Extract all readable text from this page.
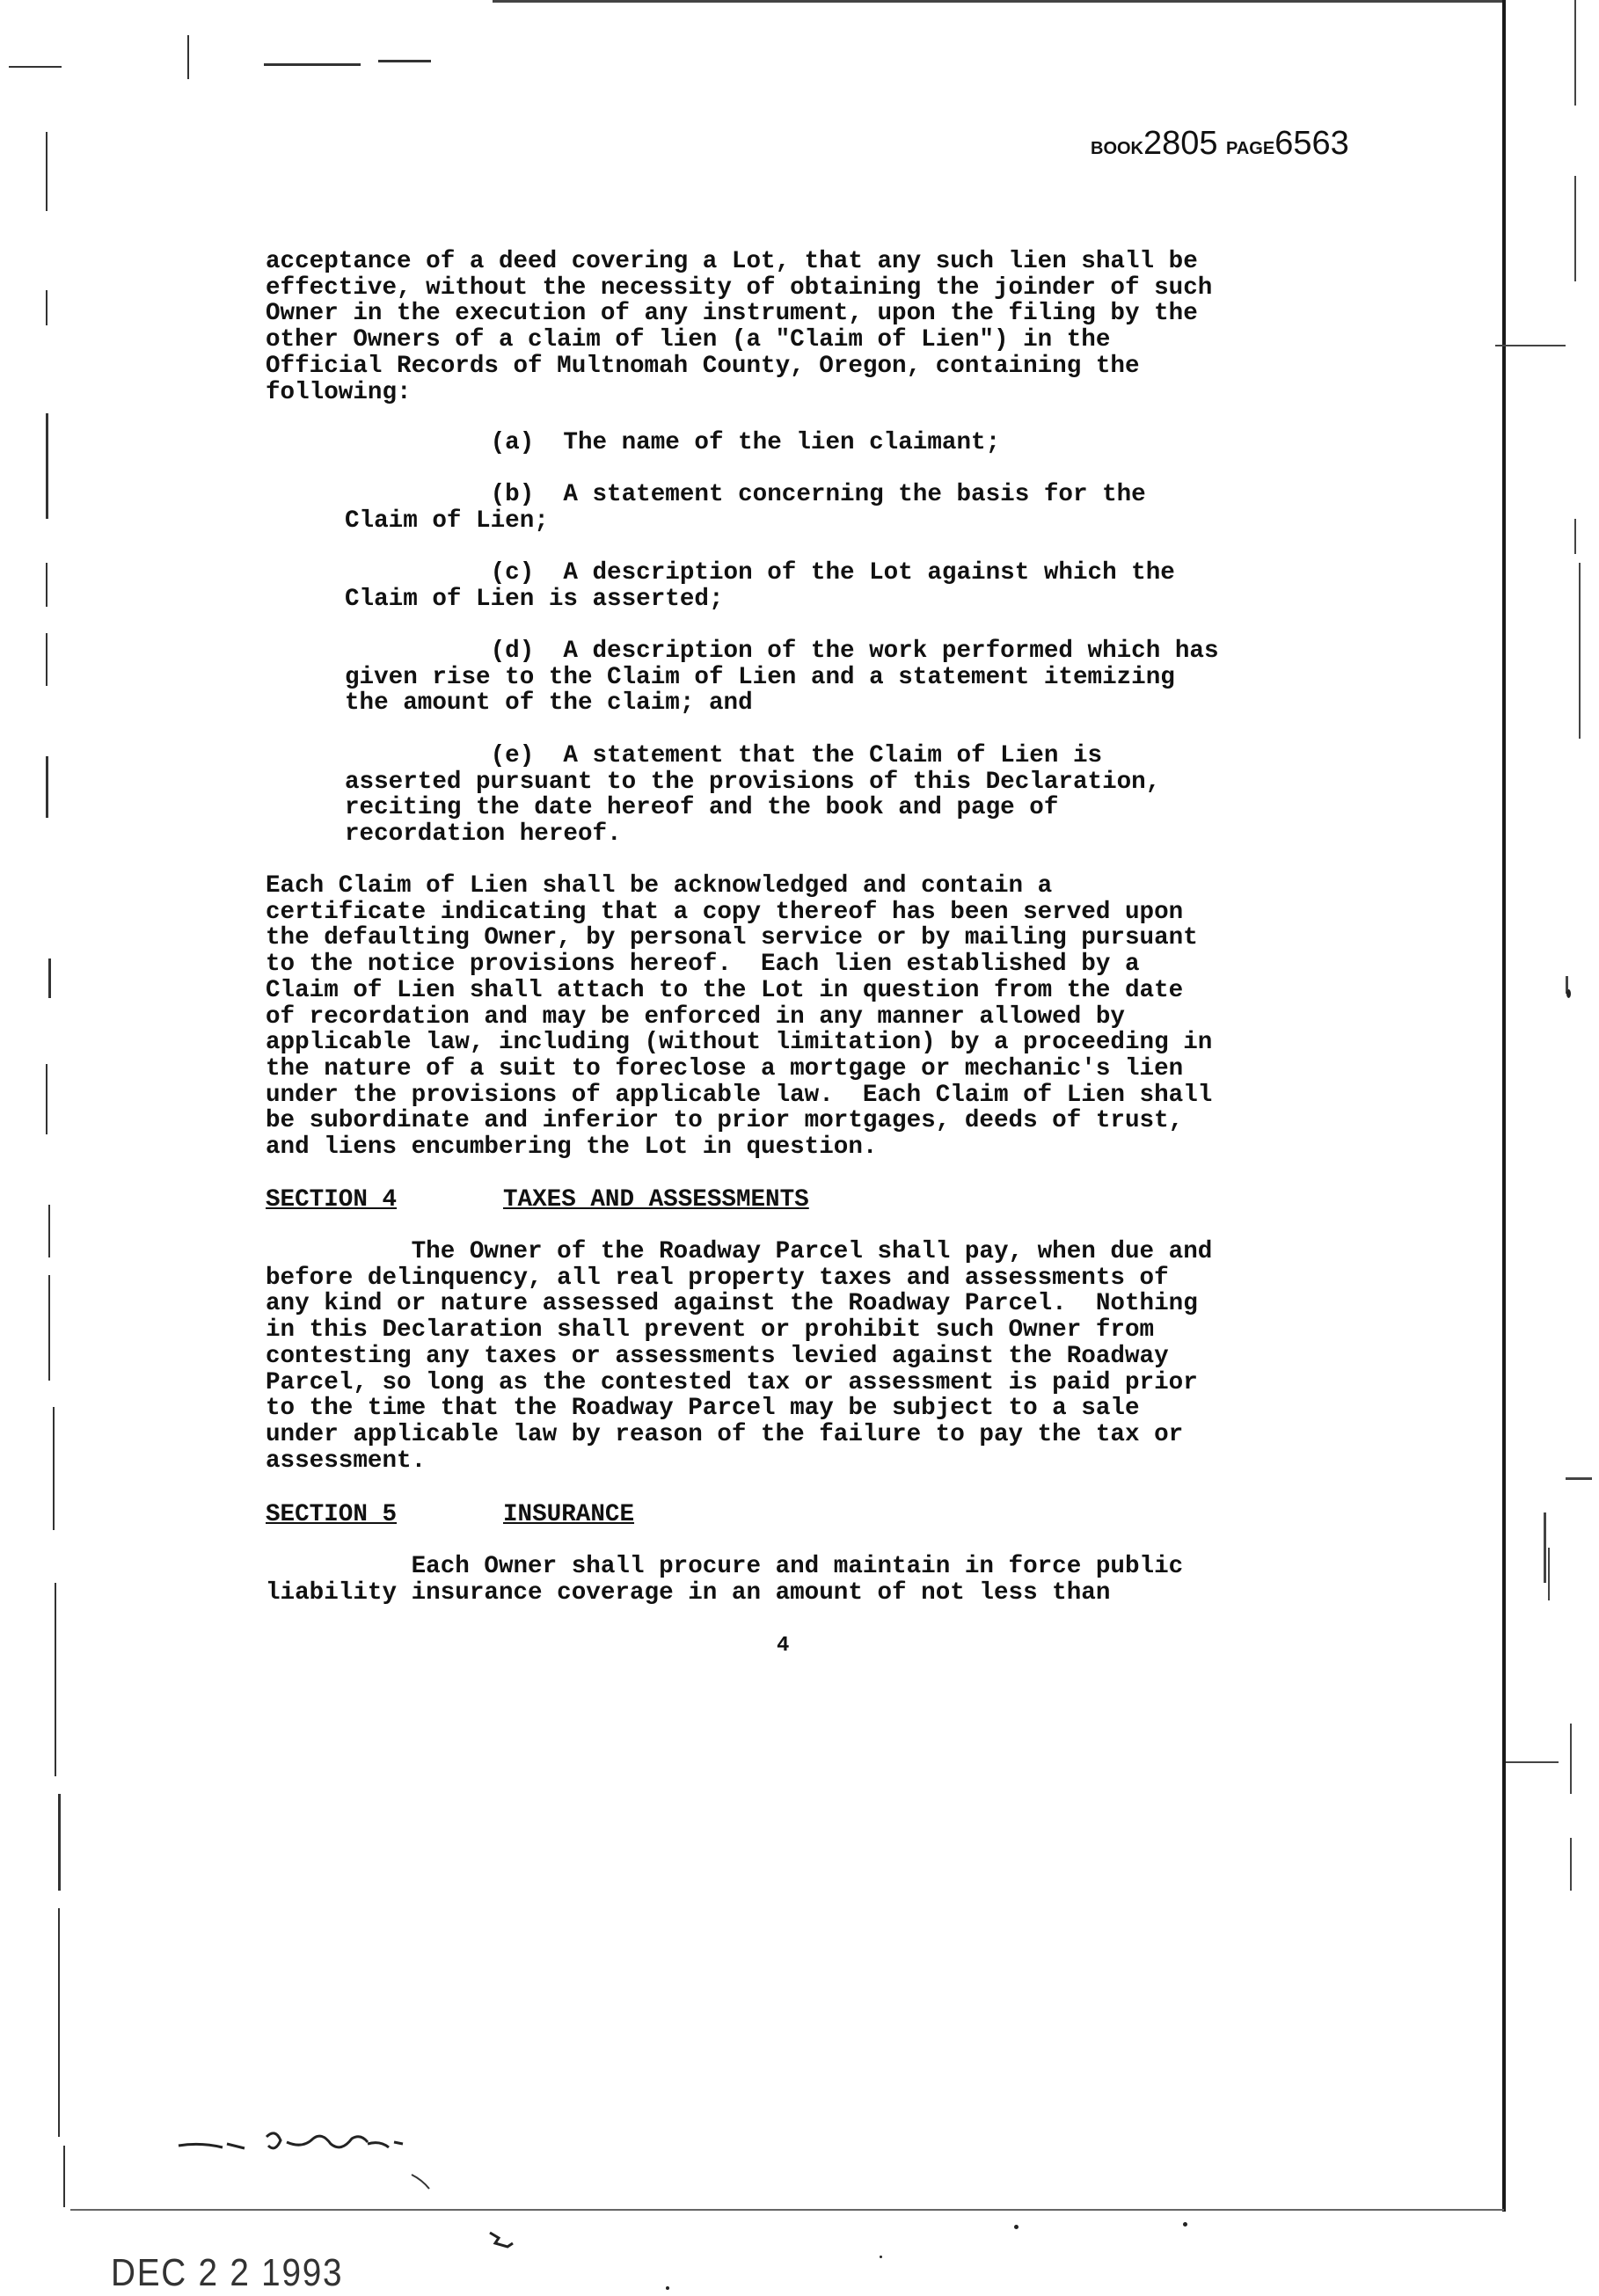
BOOK2805 PAGE6563
acceptance of a deed covering a Lot, that any such lien shall be
effective, without the necessity of obtaining the joinder of such
Owner in the execution of any instrument, upon the filing by the
other Owners of a claim of lien (a "Claim of Lien") in the
Official Records of Multnomah County, Oregon, containing the
following:
(a)  The name of the lien claimant;
(b)  A statement concerning the basis for the
Claim of Lien;
(c)  A description of the Lot against which the
Claim of Lien is asserted;
(d)  A description of the work performed which has
given rise to the Claim of Lien and a statement itemizing
the amount of the claim; and
(e)  A statement that the Claim of Lien is
asserted pursuant to the provisions of this Declaration,
reciting the date hereof and the book and page of
recordation hereof.
Each Claim of Lien shall be acknowledged and contain a
certificate indicating that a copy thereof has been served upon
the defaulting Owner, by personal service or by mailing pursuant
to the notice provisions hereof.  Each lien established by a
Claim of Lien shall attach to the Lot in question from the date
of recordation and may be enforced in any manner allowed by
applicable law, including (without limitation) by a proceeding in
the nature of a suit to foreclose a mortgage or mechanic's lien
under the provisions of applicable law.  Each Claim of Lien shall
be subordinate and inferior to prior mortgages, deeds of trust,
and liens encumbering the Lot in question.
SECTION 4	TAXES AND ASSESSMENTS
The Owner of the Roadway Parcel shall pay, when due and
before delinquency, all real property taxes and assessments of
any kind or nature assessed against the Roadway Parcel.  Nothing
in this Declaration shall prevent or prohibit such Owner from
contesting any taxes or assessments levied against the Roadway
Parcel, so long as the contested tax or assessment is paid prior
to the time that the Roadway Parcel may be subject to a sale
under applicable law by reason of the failure to pay the tax or
assessment.
SECTION 5	INSURANCE
Each Owner shall procure and maintain in force public
liability insurance coverage in an amount of not less than
4
DEC 2 2 1993
